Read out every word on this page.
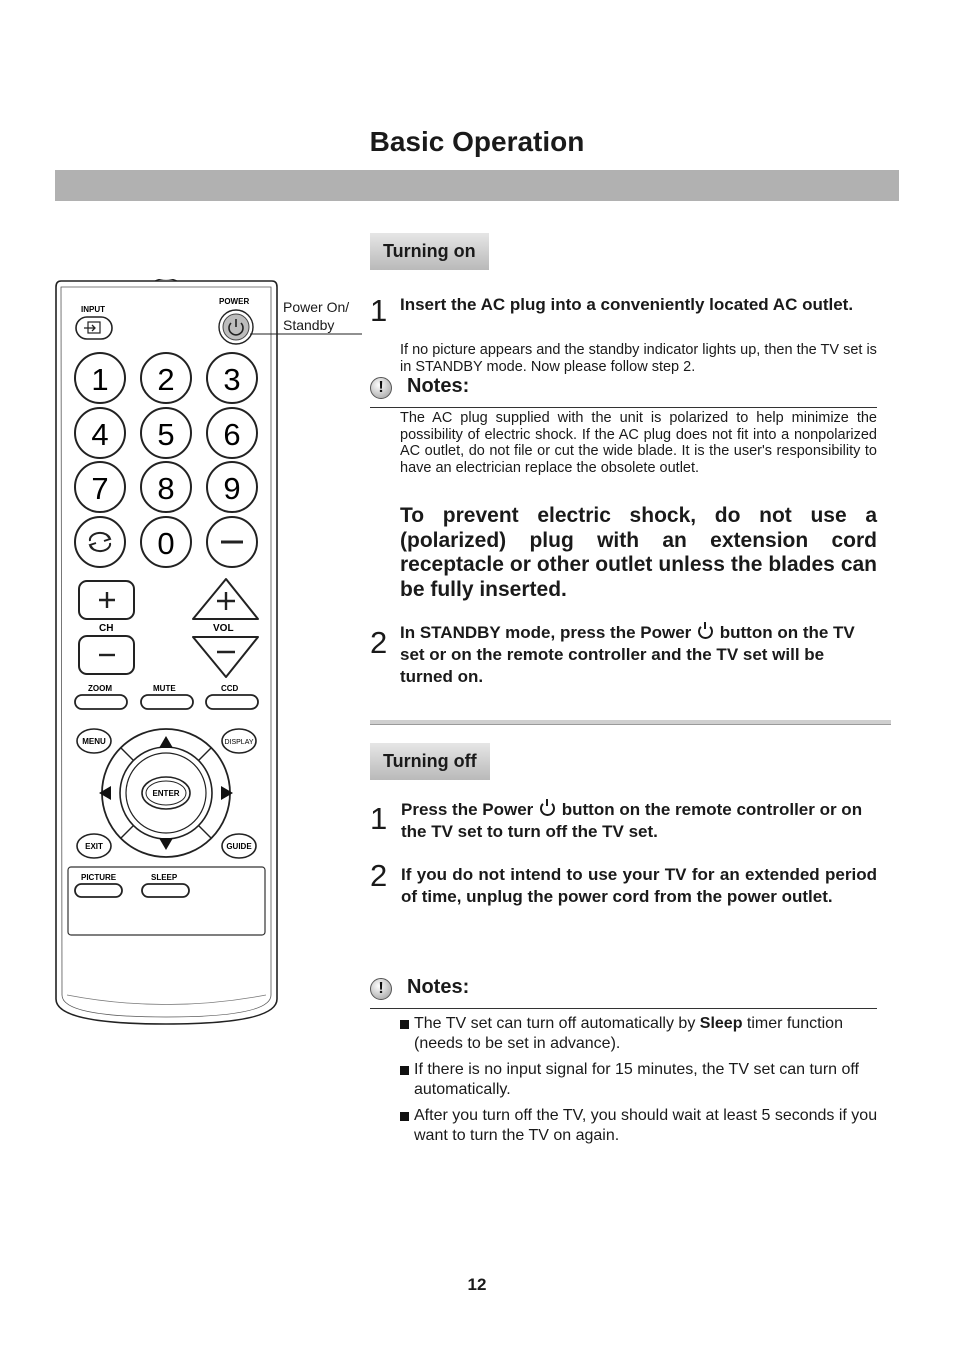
Basic Operation
INPUT
POWER
1 2 3
4 5 6
7 8 9
0
CH	VOL
ZOOM	MUTE	CCD
MENU	DISPLAY
ENTER
EXIT	GUIDE
PICTURE	SLEEP
Power On/
Standby
Turning on
1 Insert the AC plug into a conveniently located AC outlet.
If no picture appears and the standby indicator lights up, then the TV set is in STANDBY mode. Now please follow step 2.
!
Notes:
The AC plug supplied with the unit is polarized to help minimize the possibility of electric shock. If the AC plug does not fit into a nonpolarized AC outlet, do not file or cut the wide blade. It is the user's responsibility to have an electrician replace the obsolete outlet.
To prevent electric shock, do not use a (polarized) plug with an extension cord receptacle or other outlet unless the blades can be fully inserted.
2 In STANDBY mode, press the Power button on the TV set or on the remote controller and the TV set will be turned on.
Turning off
1 Press the Power button on the remote controller or on the TV set to turn off the TV set.
2 If you do not intend to use your TV for an extended period of time, unplug the power cord from the power outlet.
!
Notes:
The TV set can turn off automatically by Sleep timer function (needs to be set in advance).
If there is no input signal for 15 minutes, the TV set can turn off automatically.
After you turn off the TV, you should wait at least 5 seconds if you want to turn the TV on again.
12
